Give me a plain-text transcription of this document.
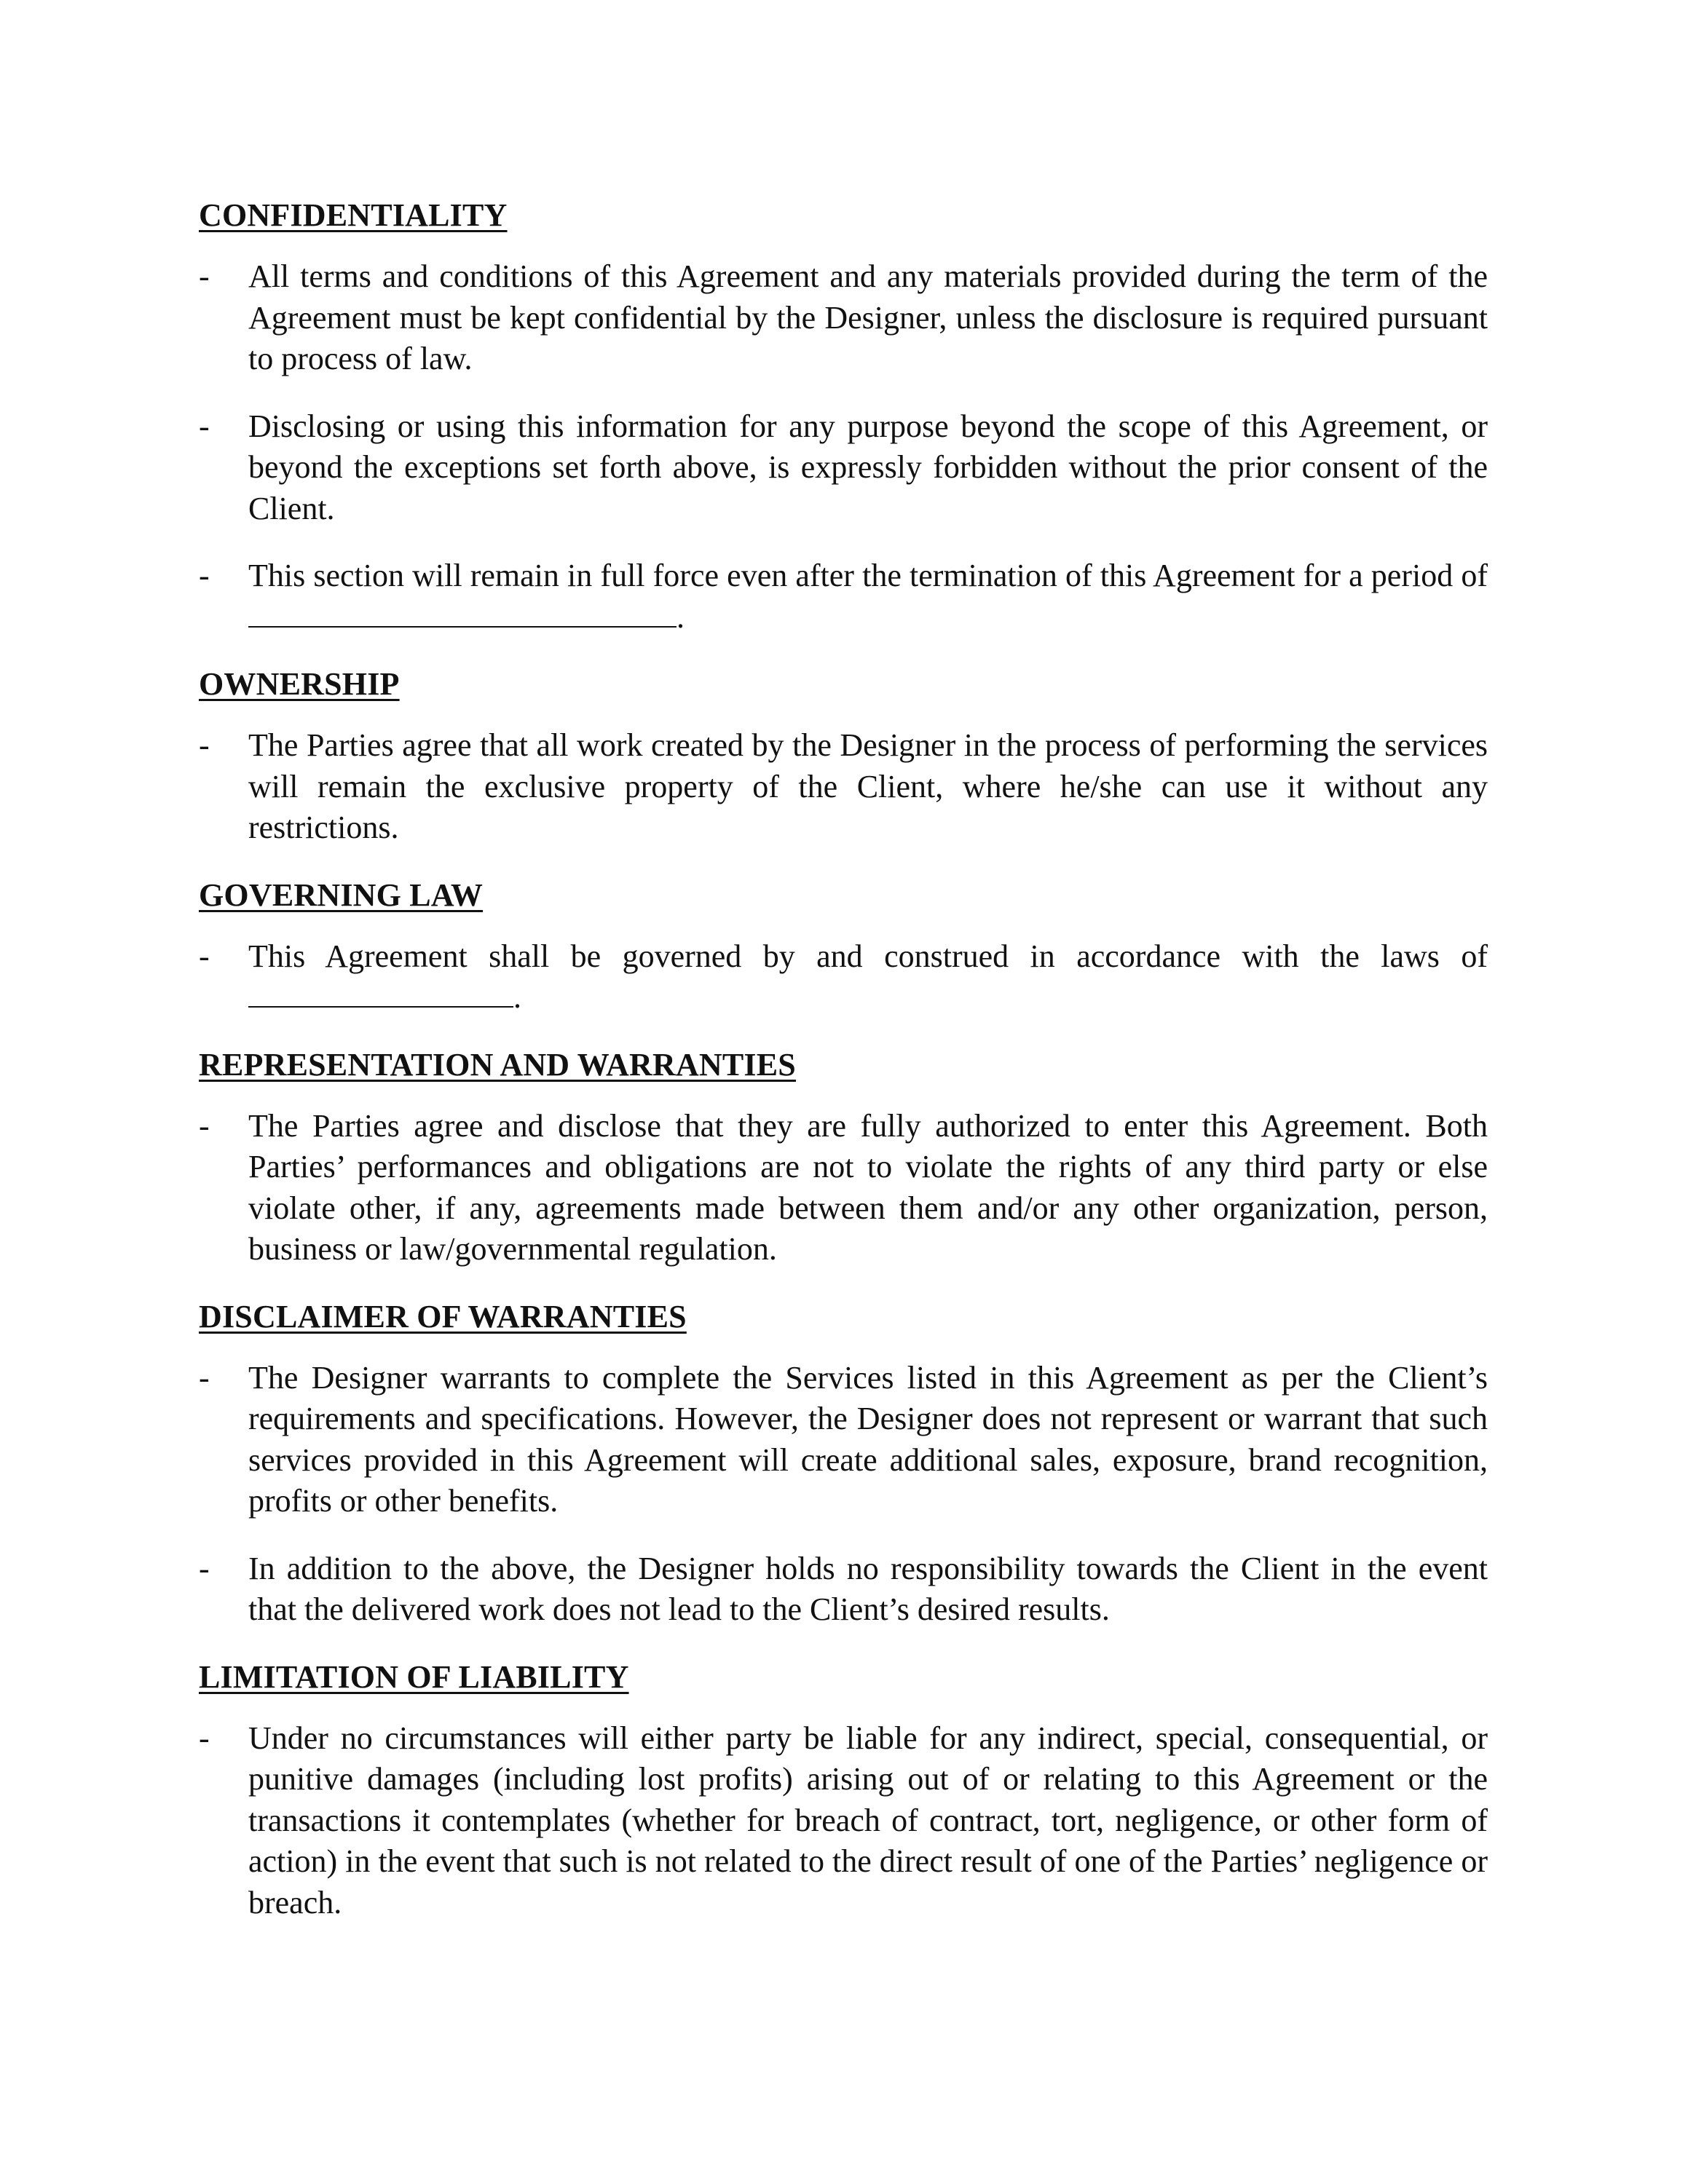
CONFIDENTIALITY
-	All terms and conditions of this Agreement and any materials provided during the term of the Agreement must be kept confidential by the Designer, unless the disclosure is required pursuant to process of law.
-	Disclosing or using this information for any purpose beyond the scope of this Agreement, or beyond the exceptions set forth above, is expressly forbidden without the prior consent of the Client.
-	This section will remain in full force even after the termination of this Agreement for a period of .
OWNERSHIP
-	The Parties agree that all work created by the Designer in the process of performing the services will remain the exclusive property of the Client, where he/she can use it without any restrictions.
GOVERNING LAW
-	This Agreement shall be governed by and construed in accordance with the laws of .
REPRESENTATION AND WARRANTIES
-	The Parties agree and disclose that they are fully authorized to enter this Agreement. Both Parties’ performances and obligations are not to violate the rights of any third party or else violate other, if any, agreements made between them and/or any other organization, person, business or law/governmental regulation.
DISCLAIMER OF WARRANTIES
-	The Designer warrants to complete the Services listed in this Agreement as per the Client’s requirements and specifications. However, the Designer does not represent or warrant that such services provided in this Agreement will create additional sales, exposure, brand recognition, profits or other benefits.
-	In addition to the above, the Designer holds no responsibility towards the Client in the event that the delivered work does not lead to the Client’s desired results.
LIMITATION OF LIABILITY
-	Under no circumstances will either party be liable for any indirect, special, consequential, or punitive damages (including lost profits) arising out of or relating to this Agreement or the transactions it contemplates (whether for breach of contract, tort, negligence, or other form of action) in the event that such is not related to the direct result of one of the Parties’ negligence or breach.
